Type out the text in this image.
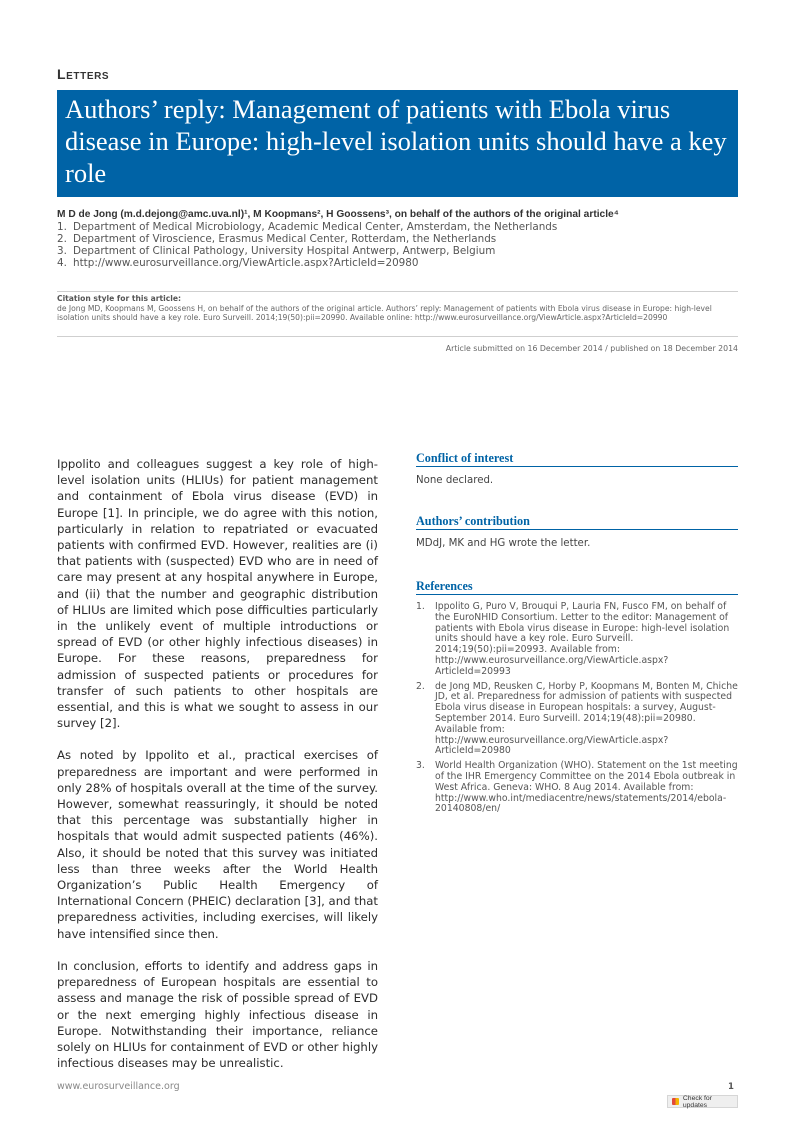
Letters
Authors’ reply: Management of patients with Ebola virus disease in Europe: high-level isolation units should have a key role
M D de Jong (m.d.dejong@amc.uva.nl)¹, M Koopmans², H Goossens³, on behalf of the authors of the original article⁴
1. Department of Medical Microbiology, Academic Medical Center, Amsterdam, the Netherlands
2. Department of Viroscience, Erasmus Medical Center, Rotterdam, the Netherlands
3. Department of Clinical Pathology, University Hospital Antwerp, Antwerp, Belgium
4. http://www.eurosurveillance.org/ViewArticle.aspx?ArticleId=20980
Citation style for this article:
de Jong MD, Koopmans M, Goossens H, on behalf of the authors of the original article. Authors’ reply: Management of patients with Ebola virus disease in Europe: high-level isolation units should have a key role. Euro Surveill. 2014;19(50):pii=20990. Available online: http://www.eurosurveillance.org/ViewArticle.aspx?ArticleId=20990
Article submitted on 16 December 2014 / published on 18 December 2014

Ippolito and colleagues suggest a key role of high-level isolation units (HLIUs) for patient management and containment of Ebola virus disease (EVD) in Europe [1]. In principle, we do agree with this notion, particularly in relation to repatriated or evacuated patients with confirmed EVD. However, realities are (i) that patients with (suspected) EVD who are in need of care may present at any hospital anywhere in Europe, and (ii) that the number and geographic distribution of HLIUs are limited which pose difficulties particularly in the unlikely event of multiple introductions or spread of EVD (or other highly infectious diseases) in Europe. For these reasons, preparedness for admission of suspected patients or procedures for transfer of such patients to other hospitals are essential, and this is what we sought to assess in our survey [2].

As noted by Ippolito et al., practical exercises of preparedness are important and were performed in only 28% of hospitals overall at the time of the survey. However, somewhat reassuringly, it should be noted that this percentage was substantially higher in hospitals that would admit suspected patients (46%). Also, it should be noted that this survey was initiated less than three weeks after the World Health Organization’s Public Health Emergency of International Concern (PHEIC) declaration [3], and that preparedness activities, including exercises, will likely have intensified since then.

In conclusion, efforts to identify and address gaps in preparedness of European hospitals are essential to assess and manage the risk of possible spread of EVD or the next emerging highly infectious disease in Europe. Notwithstanding their importance, reliance solely on HLIUs for containment of EVD or other highly infectious diseases may be unrealistic.

Conflict of interest
None declared.
Authors’ contribution
MDdJ, MK and HG wrote the letter.
References
1. Ippolito G, Puro V, Brouqui P, Lauria FN, Fusco FM, on behalf of the EuroNHID Consortium. Letter to the editor: Management of patients with Ebola virus disease in Europe: high-level isolation units should have a key role. Euro Surveill. 2014;19(50):pii=20993. Available from: http://www.eurosurveillance.org/ViewArticle.aspx?ArticleId=20993
2. de Jong MD, Reusken C, Horby P, Koopmans M, Bonten M, Chiche JD, et al. Preparedness for admission of patients with suspected Ebola virus disease in European hospitals: a survey, August-September 2014. Euro Surveill. 2014;19(48):pii=20980. Available from: http://www.eurosurveillance.org/ViewArticle.aspx?ArticleId=20980
3. World Health Organization (WHO). Statement on the 1st meeting of the IHR Emergency Committee on the 2014 Ebola outbreak in West Africa. Geneva: WHO. 8 Aug 2014. Available from: http://www.who.int/mediacentre/news/statements/2014/ebola-20140808/en/
www.eurosurveillance.org	1
Check for updates
